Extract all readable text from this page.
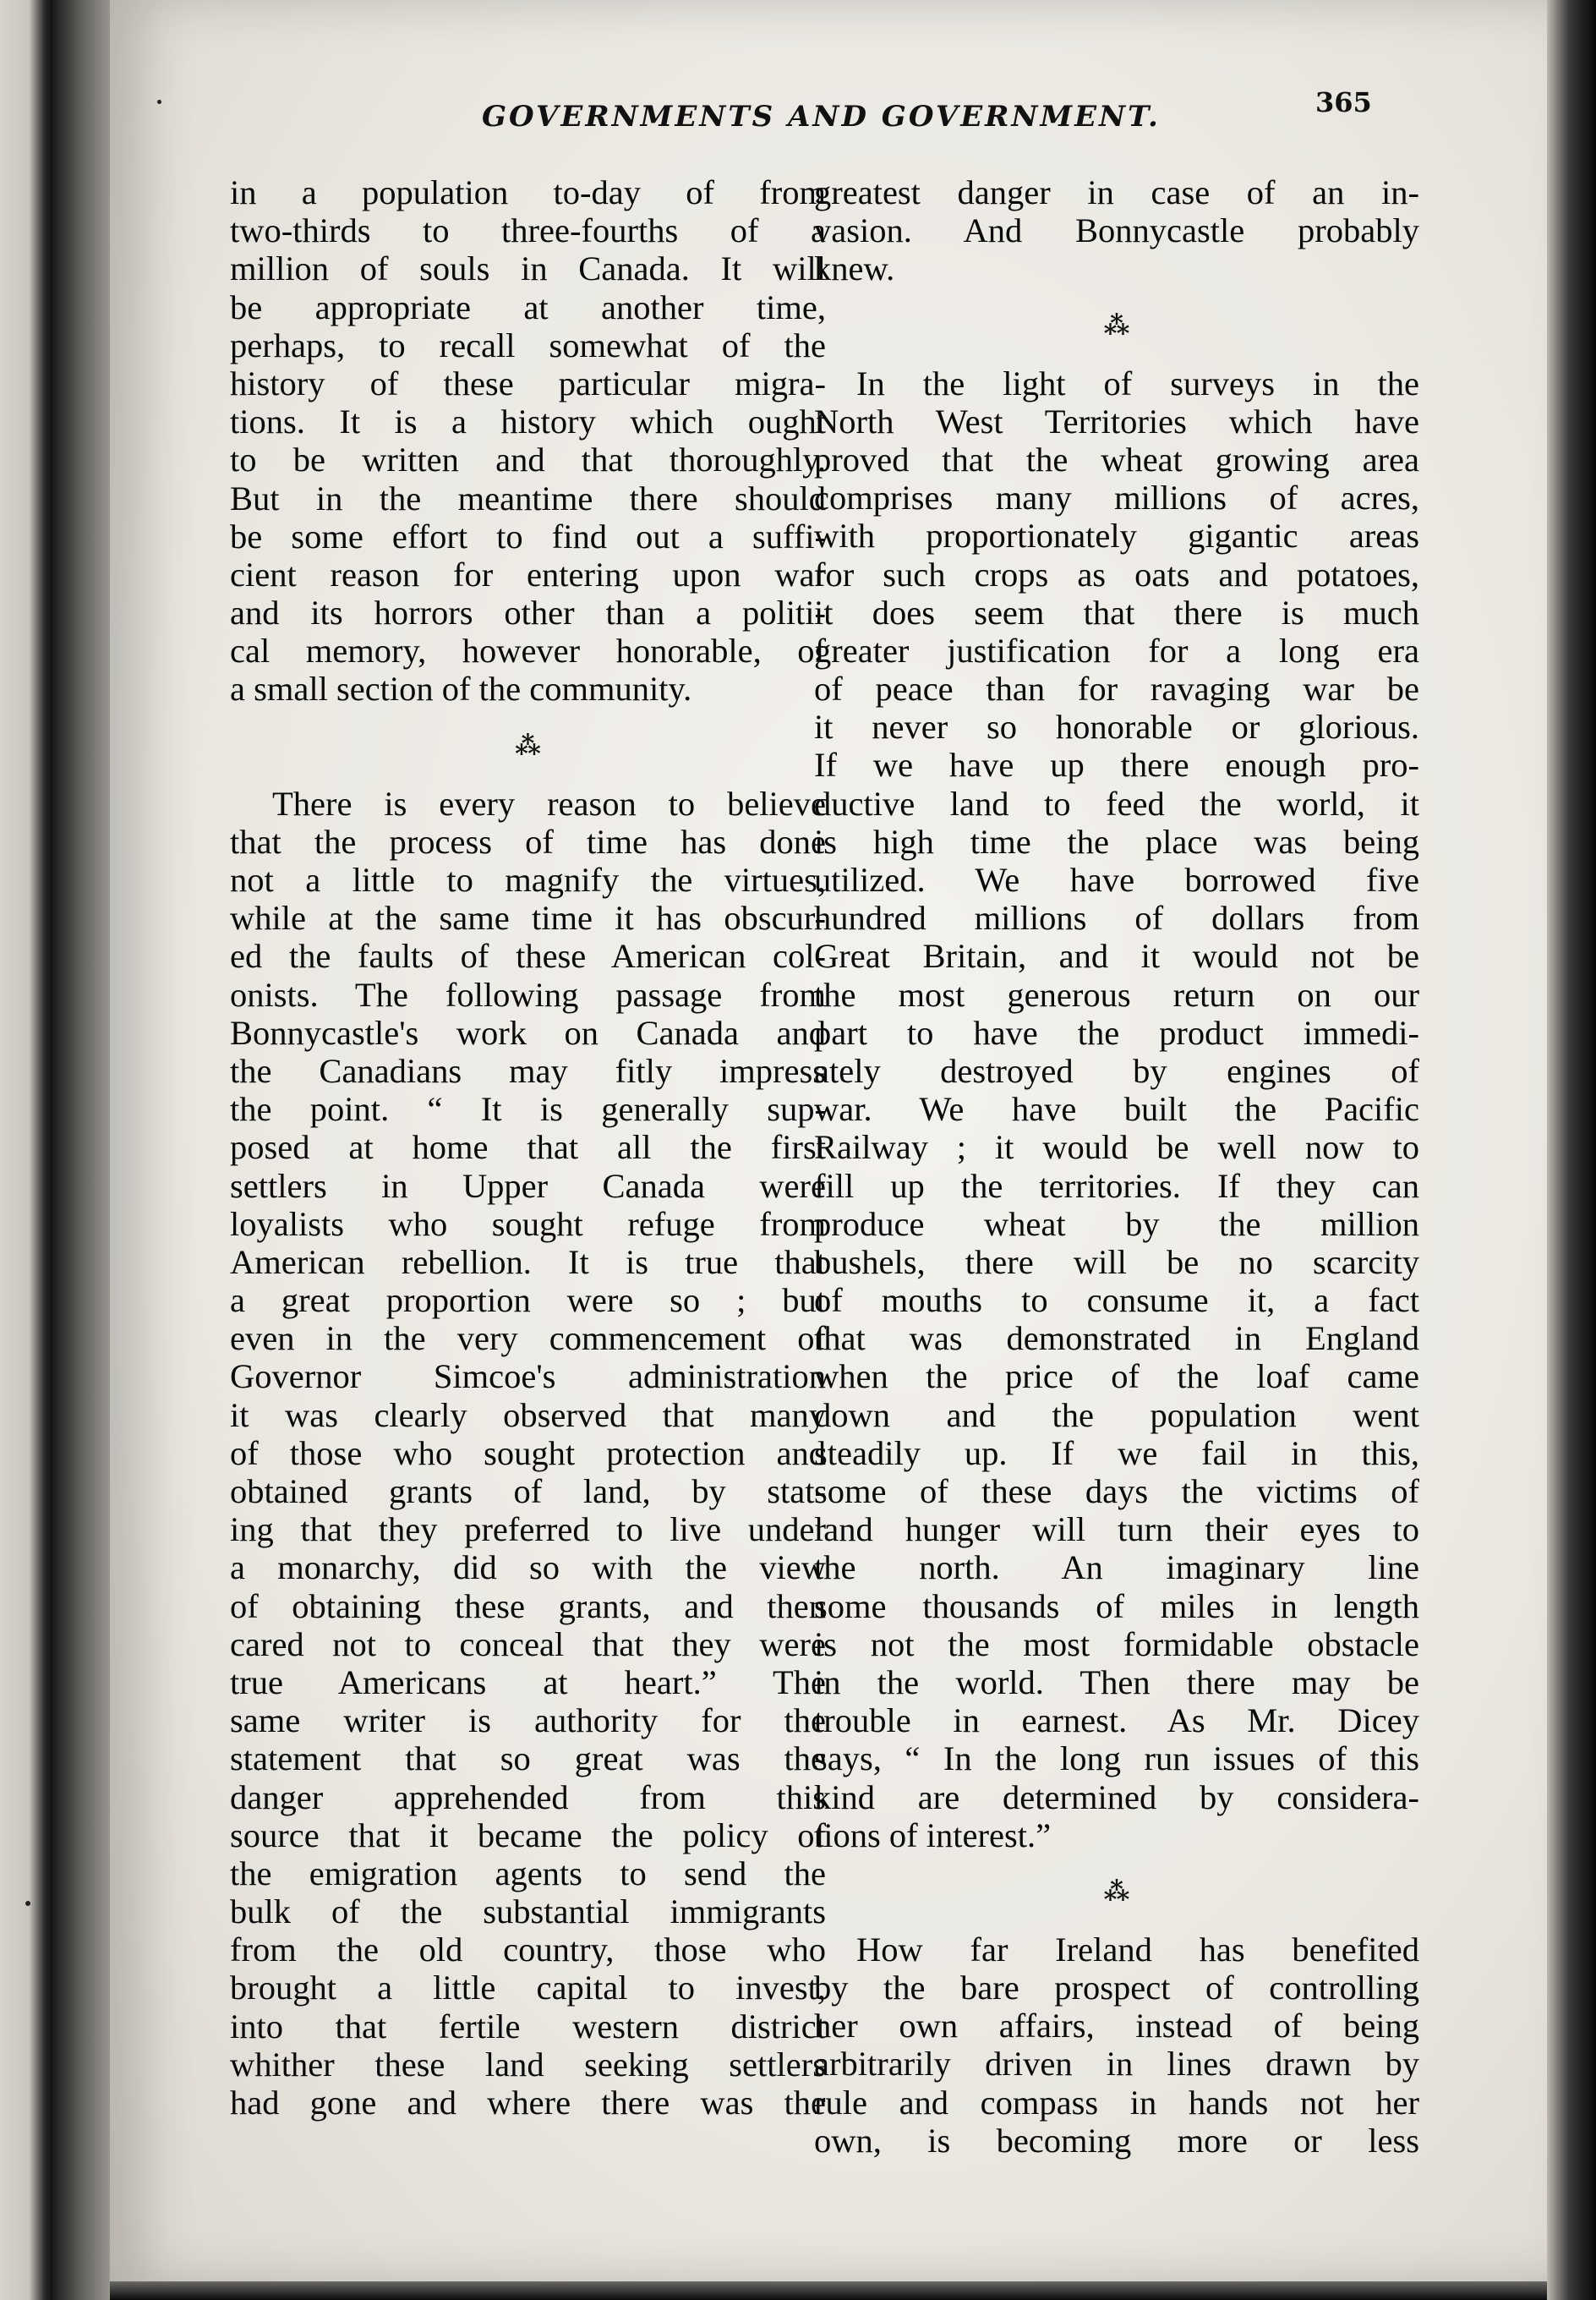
GOVERNMENTS AND GOVERNMENT.	365
in a population to-day of from
two-thirds to three-fourths of a
million of souls in Canada. It will
be appropriate at another time,
perhaps, to recall somewhat of the
history of these particular migra-
tions. It is a history which ought
to be written and that thoroughly.
But in the meantime there should
be some effort to find out a suffi-
cient reason for entering upon war
and its horrors other than a politi-
cal memory, however honorable, of
a small section of the community.
⁂
There is every reason to believe
that the process of time has done
not a little to magnify the virtues,
while at the same time it has obscur-
ed the faults of these American col-
onists. The following passage from
Bonnycastle's work on Canada and
the Canadians may fitly impress
the point. “ It is generally sup-
posed at home that all the first
settlers in Upper Canada were
loyalists who sought refuge from
American rebellion. It is true that
a great proportion were so ; but
even in the very commencement of
Governor Simcoe's administration
it was clearly observed that many
of those who sought protection and
obtained grants of land, by stat-
ing that they preferred to live under
a monarchy, did so with the view
of obtaining these grants, and then
cared not to conceal that they were
true Americans at heart.” The
same writer is authority for the
statement that so great was the
danger apprehended from this
source that it became the policy of
the emigration agents to send the
bulk of the substantial immigrants
from the old country, those who
brought a little capital to invest,
into that fertile western district
whither these land seeking settlers
had gone and where there was the
greatest danger in case of an in-
vasion. And Bonnycastle probably
knew.
⁂
In the light of surveys in the
North West Territories which have
proved that the wheat growing area
comprises many millions of acres,
with proportionately gigantic areas
for such crops as oats and potatoes,
it does seem that there is much
greater justification for a long era
of peace than for ravaging war be
it never so honorable or glorious.
If we have up there enough pro-
ductive land to feed the world, it
is high time the place was being
utilized. We have borrowed five
hundred millions of dollars from
Great Britain, and it would not be
the most generous return on our
part to have the product immedi-
ately destroyed by engines of
war. We have built the Pacific
Railway ; it would be well now to
fill up the territories. If they can
produce wheat by the million
bushels, there will be no scarcity
of mouths to consume it, a fact
that was demonstrated in England
when the price of the loaf came
down and the population went
steadily up. If we fail in this,
some of these days the victims of
land hunger will turn their eyes to
the north. An imaginary line
some thousands of miles in length
is not the most formidable obstacle
in the world. Then there may be
trouble in earnest. As Mr. Dicey
says, “ In the long run issues of this
kind are determined by considera-
tions of interest.”
⁂
How far Ireland has benefited
by the bare prospect of controlling
her own affairs, instead of being
arbitrarily driven in lines drawn by
rule and compass in hands not her
own, is becoming more or less
